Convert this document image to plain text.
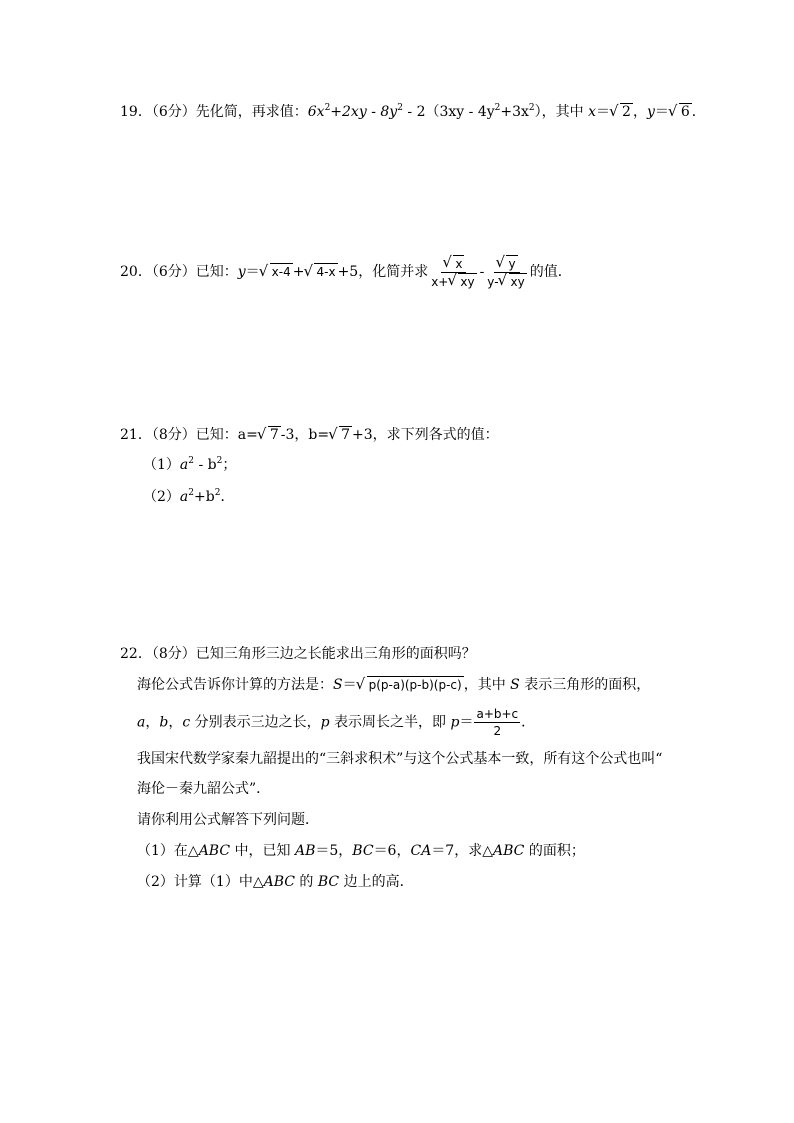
19．（6分）先化简，再求值：$6x^2+2xy - 8y^2 - 2(3xy - 4y^2+3x^2)$，其中 x＝ √ 2 ，y＝ √ 6 ．
20．（6分）已知：y＝ √ x-4 + √ 4-x +5，化简并求 √ $\frac{x}{x+ √ xy}$ - √ $\frac{y}{y- √ xy}$ 的值．
21．（8分）已知：a= √ 7 -3，b= √ 7 +3，求下列各式的值：
$(1)a^2 - b^2$；
$(2)a^2+b^2$．
22．（8分）已知三角形三边之长能求出三角形的面积吗？
海伦公式告诉你计算的方法是：S＝ √ p(p-a)(p-b)(p-c) ，其中 S 表示三角形的面积，
a，b，c 分别表示三边之长，p 表示周长之半，即 $p= \frac{a+b+c}{2}$ ．
我国宋代数学家秦九韶提出的“三斜求积术”与这个公式基本一致，所有这个公式也叫“
海伦－秦九韶公式”．
请你利用公式解答下列问题．
（1）在△ABC 中，已知 AB＝5，BC＝6，CA＝7，求△ABC 的面积；
（2）计算（1）中△ABC 的 BC 边上的高．
